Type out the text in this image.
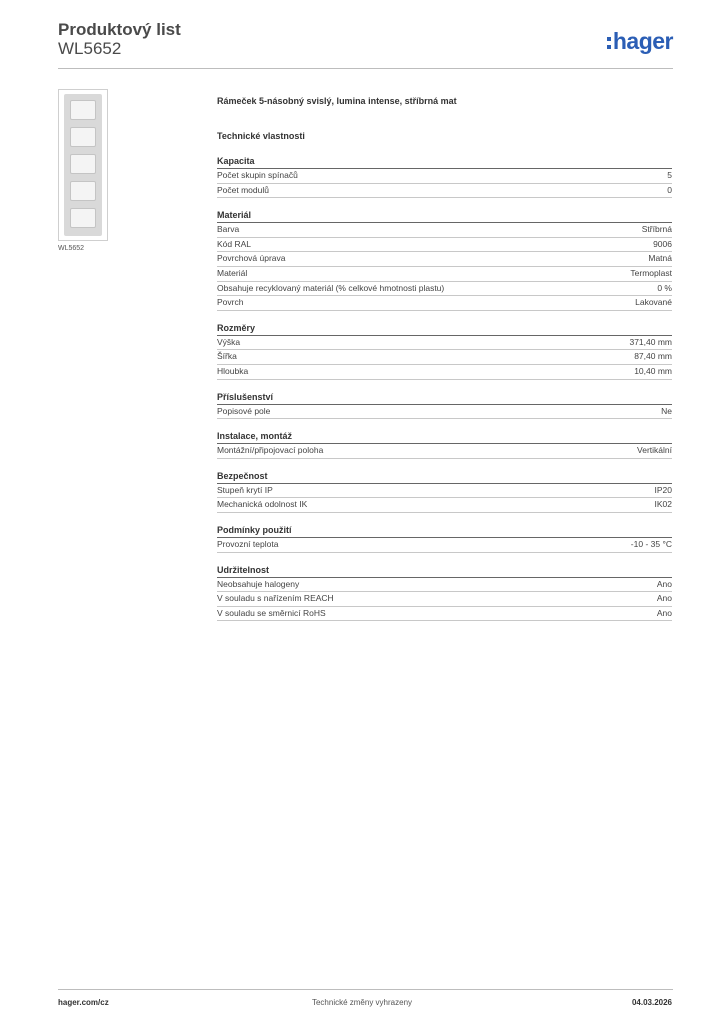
Produktový list
WL5652	hager
WL5652
Rámeček 5-násobný svislý, lumina intense, stříbrná mat
Technické vlastnosti
Kapacita
Počet skupin spínačů	5
Počet modulů	0
Materiál
Barva	Stříbrná
Kód RAL	9006
Povrchová úprava	Matná
Materiál	Termoplast
Obsahuje recyklovaný materiál (% celkové hmotnosti plastu)	0 %
Povrch	Lakované
Rozměry
Výška	371,40 mm
Šířka	87,40 mm
Hloubka	10,40 mm
Příslušenství
Popisové pole	Ne
Instalace, montáž
Montážní/připojovací poloha	Vertikální
Bezpečnost
Stupeň krytí IP	IP20
Mechanická odolnost IK	IK02
Podmínky použití
Provozní teplota	-10 - 35 °C
Udržitelnost
Neobsahuje halogeny	Ano
V souladu s nařízením REACH	Ano
V souladu se směrnicí RoHS	Ano
hager.com/cz	Technické změny vyhrazeny	04.03.2026
